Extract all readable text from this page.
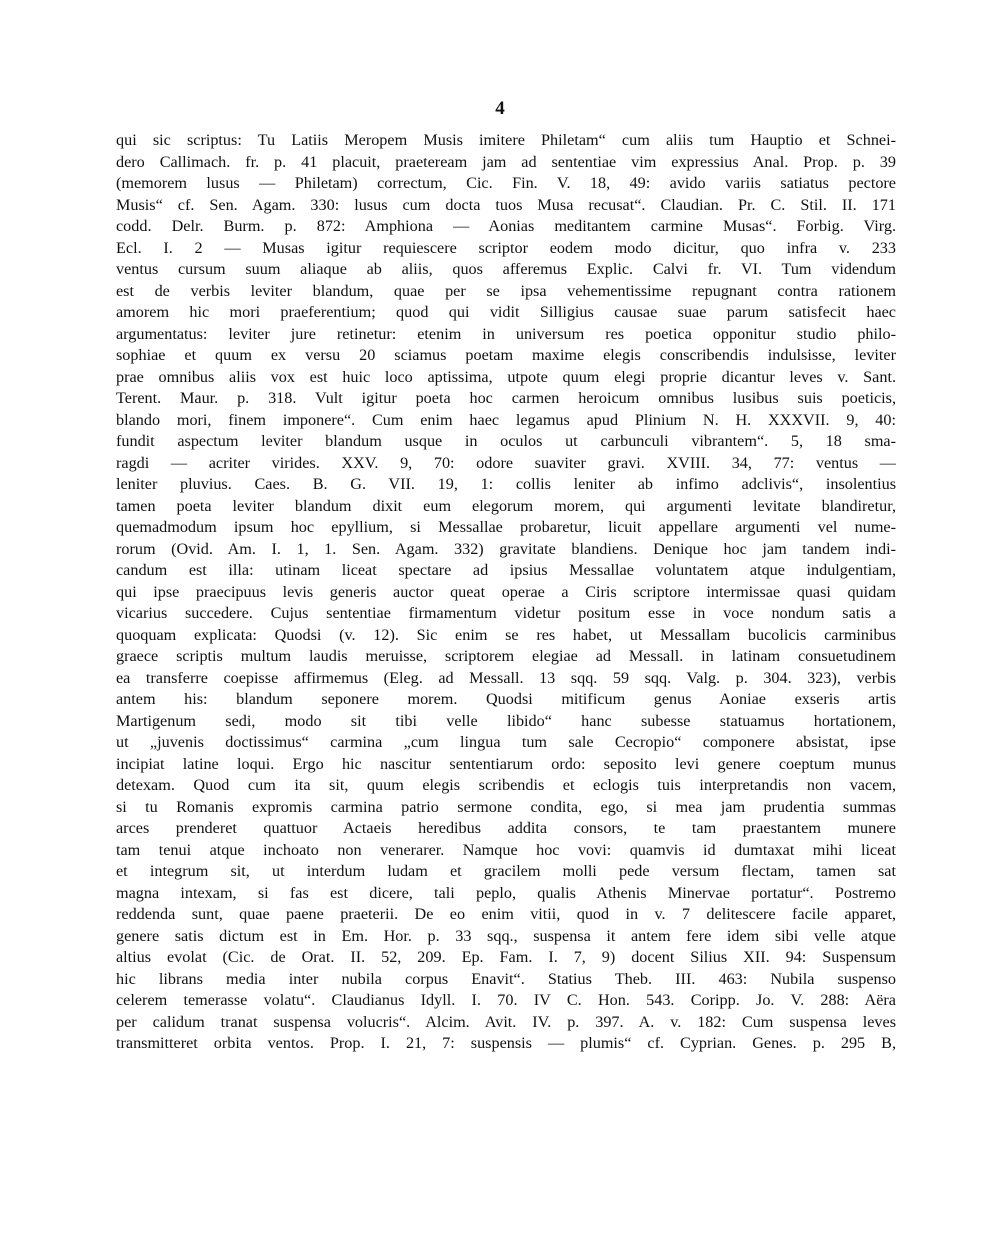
4
qui sic scriptus: Tu Latiis Meropem Musis imitere Philetam“ cum aliis tum Hauptio et Schnei-
dero Callimach. fr. p. 41 placuit, praeteream jam ad sententiae vim expressius Anal. Prop. p. 39
(memorem lusus — Philetam) correctum, Cic. Fin. V. 18, 49: avido variis satiatus pectore
Musis“ cf. Sen. Agam. 330: lusus cum docta tuos Musa recusat“. Claudian. Pr. C. Stil. II. 171
codd. Delr. Burm. p. 872: Amphiona — Aonias meditantem carmine Musas“. Forbig. Virg.
Ecl. I. 2 — Musas igitur requiescere scriptor eodem modo dicitur, quo infra v. 233
ventus cursum suum aliaque ab aliis, quos afferemus Explic. Calvi fr. VI. Tum videndum
est de verbis leviter blandum, quae per se ipsa vehementissime repugnant contra rationem
amorem hic mori praeferentium; quod qui vidit Silligius causae suae parum satisfecit haec
argumentatus: leviter jure retinetur: etenim in universum res poetica opponitur studio philo-
sophiae et quum ex versu 20 sciamus poetam maxime elegis conscribendis indulsisse, leviter
prae omnibus aliis vox est huic loco aptissima, utpote quum elegi proprie dicantur leves v. Sant.
Terent. Maur. p. 318. Vult igitur poeta hoc carmen heroicum omnibus lusibus suis poeticis,
blando mori, finem imponere“. Cum enim haec legamus apud Plinium N. H. XXXVII. 9, 40:
fundit aspectum leviter blandum usque in oculos ut carbunculi vibrantem“. 5, 18 sma-
ragdi — acriter virides. XXV. 9, 70: odore suaviter gravi. XVIII. 34, 77: ventus —
leniter pluvius. Caes. B. G. VII. 19, 1: collis leniter ab infimo adclivis“, insolentius
tamen poeta leviter blandum dixit eum elegorum morem, qui argumenti levitate blandiretur,
quemadmodum ipsum hoc epyllium, si Messallae probaretur, licuit appellare argumenti vel nume-
rorum (Ovid. Am. I. 1, 1. Sen. Agam. 332) gravitate blandiens. Denique hoc jam tandem indi-
candum est illa: utinam liceat spectare ad ipsius Messallae voluntatem atque indulgentiam,
qui ipse praecipuus levis generis auctor queat operae a Ciris scriptore intermissae quasi quidam
vicarius succedere. Cujus sententiae firmamentum videtur positum esse in voce nondum satis a
quoquam explicata: Quodsi (v. 12). Sic enim se res habet, ut Messallam bucolicis carminibus
graece scriptis multum laudis meruisse, scriptorem elegiae ad Messall. in latinam consuetudinem
ea transferre coepisse affirmemus (Eleg. ad Messall. 13 sqq. 59 sqq. Valg. p. 304. 323), verbis
antem his: blandum seponere morem. Quodsi mitificum genus Aoniae exseris artis
Martigenum sedi, modo sit tibi velle libido“ hanc subesse statuamus hortationem,
ut „juvenis doctissimus“ carmina „cum lingua tum sale Cecropio“ componere absistat, ipse
incipiat latine loqui. Ergo hic nascitur sententiarum ordo: seposito levi genere coeptum munus
detexam. Quod cum ita sit, quum elegis scribendis et eclogis tuis interpretandis non vacem,
si tu Romanis expromis carmina patrio sermone condita, ego, si mea jam prudentia summas
arces prenderet quattuor Actaeis heredibus addita consors, te tam praestantem munere
tam tenui atque inchoato non venerarer. Namque hoc vovi: quamvis id dumtaxat mihi liceat
et integrum sit, ut interdum ludam et gracilem molli pede versum flectam, tamen sat
magna intexam, si fas est dicere, tali peplo, qualis Athenis Minervae portatur“. Postremo
reddenda sunt, quae paene praeterii. De eo enim vitii, quod in v. 7 delitescere facile apparet,
genere satis dictum est in Em. Hor. p. 33 sqq., suspensa it antem fere idem sibi velle atque
altius evolat (Cic. de Orat. II. 52, 209. Ep. Fam. I. 7, 9) docent Silius XII. 94: Suspensum
hic librans media inter nubila corpus Enavit“. Statius Theb. III. 463: Nubila suspenso
celerem temerasse volatu“. Claudianus Idyll. I. 70. IV C. Hon. 543. Coripp. Jo. V. 288: Aëra
per calidum tranat suspensa volucris“. Alcim. Avit. IV. p. 397. A. v. 182: Cum suspensa leves
transmitteret orbita ventos. Prop. I. 21, 7: suspensis — plumis“ cf. Cyprian. Genes. p. 295 B,
